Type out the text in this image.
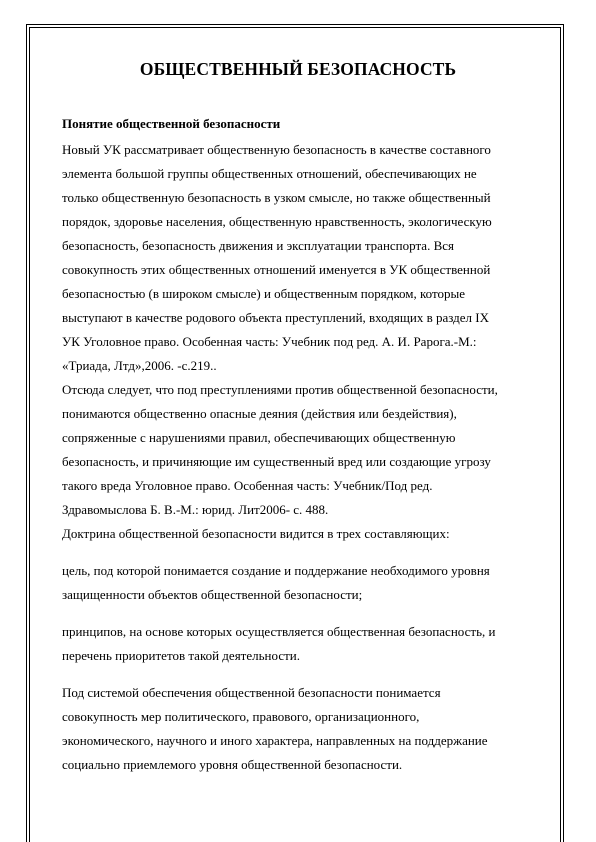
ОБЩЕСТВЕННЫЙ БЕЗОПАСНОСТЬ
Понятие общественной безопасности
Новый УК рассматривает общественную безопасность в качестве составного
элемента большой группы общественных отношений, обеспечивающих не
только общественную безопасность в узком смысле, но также общественный
порядок, здоровье населения, общественную нравственность, экологическую
безопасность, безопасность движения и эксплуатации транспорта. Вся
совокупность этих общественных отношений именуется в УК общественной
безопасностью (в широком смысле) и общественным порядком, которые
выступают в качестве родового объекта преступлений, входящих в раздел IX
УК Уголовное право. Особенная часть: Учебник под ред. А. И. Рарога.-М.:
«Триада, Лтд»,2006. -с.219..
Отсюда следует, что под преступлениями против общественной безопасности,
понимаются общественно опасные деяния (действия или бездействия),
сопряженные с нарушениями правил, обеспечивающих общественную
безопасность, и причиняющие им существенный вред или создающие угрозу
такого вреда Уголовное право. Особенная часть: Учебник/Под ред.
Здравомыслова Б. В.-М.: юрид. Лит2006- с. 488.
Доктрина общественной безопасности видится в трех составляющих:
цель, под которой понимается создание и поддержание необходимого уровня
защищенности объектов общественной безопасности;
принципов, на основе которых осуществляется общественная безопасность, и
перечень приоритетов такой деятельности.
Под системой обеспечения общественной безопасности понимается
совокупность мер политического, правового, организационного,
экономического, научного и иного характера, направленных на поддержание
социально приемлемого уровня общественной безопасности.
